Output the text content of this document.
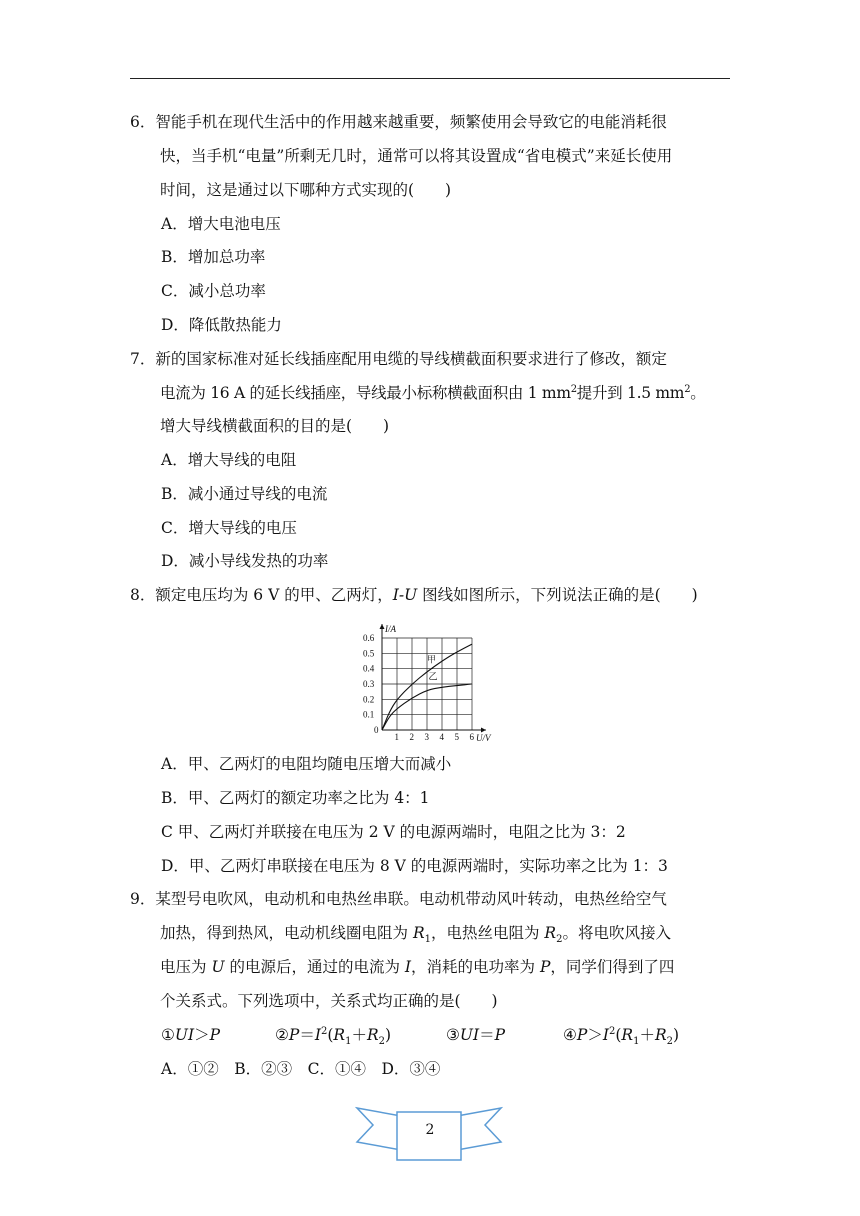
6．智能手机在现代生活中的作用越来越重要，频繁使用会导致它的电能消耗很
快，当手机“电量”所剩无几时，通常可以将其设置成“省电模式”来延长使用
时间，这是通过以下哪种方式实现的(　　)
A．增大电池电压
B．增加总功率
C．减小总功率
D．降低散热能力
7．新的国家标准对延长线插座配用电缆的导线横截面积要求进行了修改，额定
电流为 16 A 的延长线插座，导线最小标称横截面积由 1 $mm^2$提升到 1.5 $mm^2$。
增大导线横截面积的目的是(　　)
A．增大导线的电阻
B．减小通过导线的电流
C．增大导线的电压
D．减小导线发热的功率
8．额定电压均为 6 V 的甲、乙两灯，I-U 图线如图所示，下列说法正确的是(　　)
1 2 3 4 5 6
0.1
0.2
0.3
0.4
0.5
0.6
U/V
I/A
0
甲
乙
A．甲、乙两灯的电阻均随电压增大而减小
B．甲、乙两灯的额定功率之比为 4：1
C 甲、乙两灯并联接在电压为 2 V 的电源两端时，电阻之比为 3：2
D．甲、乙两灯串联接在电压为 8 V 的电源两端时，实际功率之比为 1：3
9．某型号电吹风，电动机和电热丝串联。电动机带动风叶转动，电热丝给空气
加热，得到热风，电动机线圈电阻为 $R_1$，电热丝电阻为 $R_2$。将电吹风接入
电压为 U 的电源后，通过的电流为 I，消耗的电功率为 P，同学们得到了四
个关系式。下列选项中，关系式均正确的是(　　)
①UI＞P	$②P=I^2(R_1+R_2)$	③UI＝P	$④P>I^2(R_1+R_2)$
A．①②　B．②③　C．①④　D．③④
2
